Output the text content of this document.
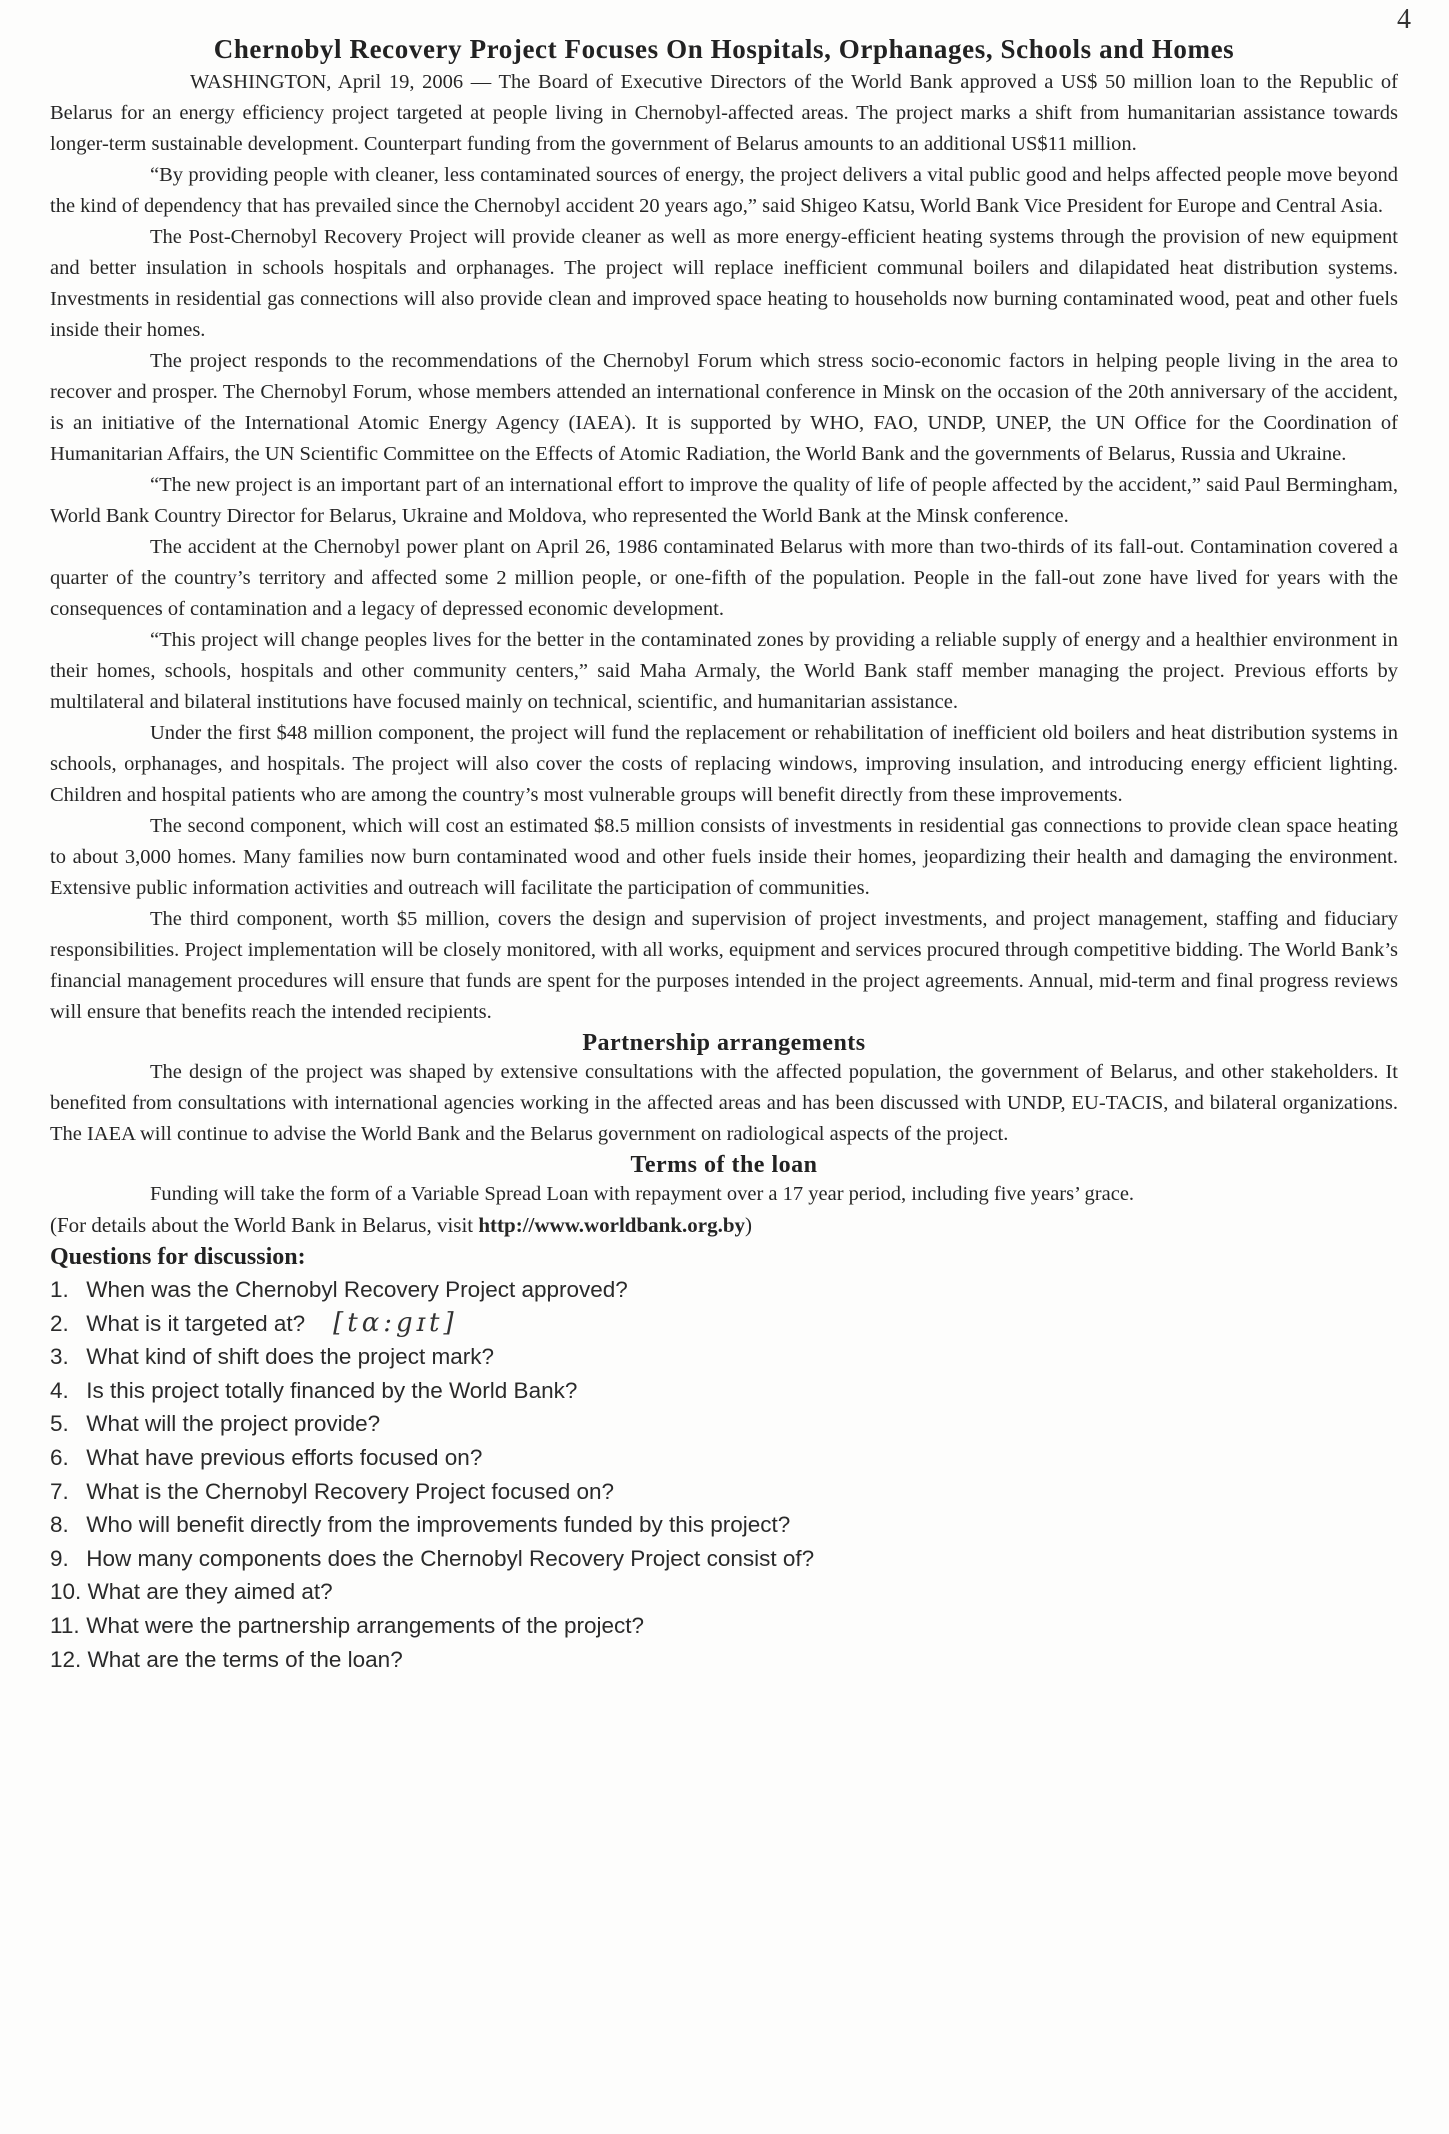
4
Chernobyl Recovery Project Focuses On Hospitals, Orphanages, Schools and Homes

WASHINGTON, April 19, 2006 — The Board of Executive Directors of the World Bank approved a US$ 50 million loan to the Republic of Belarus for an energy efficiency project targeted at people living in Chernobyl-affected areas. The project marks a shift from humanitarian assistance towards longer-term sustainable development. Counterpart funding from the government of Belarus amounts to an additional US$11 million.

“By providing people with cleaner, less contaminated sources of energy, the project delivers a vital public good and helps affected people move beyond the kind of dependency that has prevailed since the Chernobyl accident 20 years ago,” said Shigeo Katsu, World Bank Vice President for Europe and Central Asia.

The Post-Chernobyl Recovery Project will provide cleaner as well as more energy-efficient heating systems through the provision of new equipment and better insulation in schools hospitals and orphanages. The project will replace inefficient communal boilers and dilapidated heat distribution systems. Investments in residential gas connections will also provide clean and improved space heating to households now burning contaminated wood, peat and other fuels inside their homes.

The project responds to the recommendations of the Chernobyl Forum which stress socio-economic factors in helping people living in the area to recover and prosper. The Chernobyl Forum, whose members attended an international conference in Minsk on the occasion of the 20th anniversary of the accident, is an initiative of the International Atomic Energy Agency (IAEA). It is supported by WHO, FAO, UNDP, UNEP, the UN Office for the Coordination of Humanitarian Affairs, the UN Scientific Committee on the Effects of Atomic Radiation, the World Bank and the governments of Belarus, Russia and Ukraine.

“The new project is an important part of an international effort to improve the quality of life of people affected by the accident,” said Paul Bermingham, World Bank Country Director for Belarus, Ukraine and Moldova, who represented the World Bank at the Minsk conference.

The accident at the Chernobyl power plant on April 26, 1986 contaminated Belarus with more than two-thirds of its fall-out. Contamination covered a quarter of the country’s territory and affected some 2 million people, or one-fifth of the population. People in the fall-out zone have lived for years with the consequences of contamination and a legacy of depressed economic development.

“This project will change peoples lives for the better in the contaminated zones by providing a reliable supply of energy and a healthier environment in their homes, schools, hospitals and other community centers,” said Maha Armaly, the World Bank staff member managing the project. Previous efforts by multilateral and bilateral institutions have focused mainly on technical, scientific, and humanitarian assistance.

Under the first $48 million component, the project will fund the replacement or rehabilitation of inefficient old boilers and heat distribution systems in schools, orphanages, and hospitals. The project will also cover the costs of replacing windows, improving insulation, and introducing energy efficient lighting. Children and hospital patients who are among the country’s most vulnerable groups will benefit directly from these improvements.

The second component, which will cost an estimated $8.5 million consists of investments in residential gas connections to provide clean space heating to about 3,000 homes. Many families now burn contaminated wood and other fuels inside their homes, jeopardizing their health and damaging the environment. Extensive public information activities and outreach will facilitate the participation of communities.

The third component, worth $5 million, covers the design and supervision of project investments, and project management, staffing and fiduciary responsibilities. Project implementation will be closely monitored, with all works, equipment and services procured through competitive bidding. The World Bank’s financial management procedures will ensure that funds are spent for the purposes intended in the project agreements. Annual, mid-term and final progress reviews will ensure that benefits reach the intended recipients.

Partnership arrangements

The design of the project was shaped by extensive consultations with the affected population, the government of Belarus, and other stakeholders. It benefited from consultations with international agencies working in the affected areas and has been discussed with UNDP, EU-TACIS, and bilateral organizations. The IAEA will continue to advise the World Bank and the Belarus government on radiological aspects of the project.

Terms of the loan

Funding will take the form of a Variable Spread Loan with repayment over a 17 year period, including five years’ grace.

(For details about the World Bank in Belarus, visit http://www.worldbank.org.by)

Questions for discussion:
1. When was the Chernobyl Recovery Project approved?
2. What is it targeted at? [tα:gɪt]
3. What kind of shift does the project mark?
4. Is this project totally financed by the World Bank?
5. What will the project provide?
6. What have previous efforts focused on?
7. What is the Chernobyl Recovery Project focused on?
8. Who will benefit directly from the improvements funded by this project?
9. How many components does the Chernobyl Recovery Project consist of?
10. What are they aimed at?
11. What were the partnership arrangements of the project?
12. What are the terms of the loan?
